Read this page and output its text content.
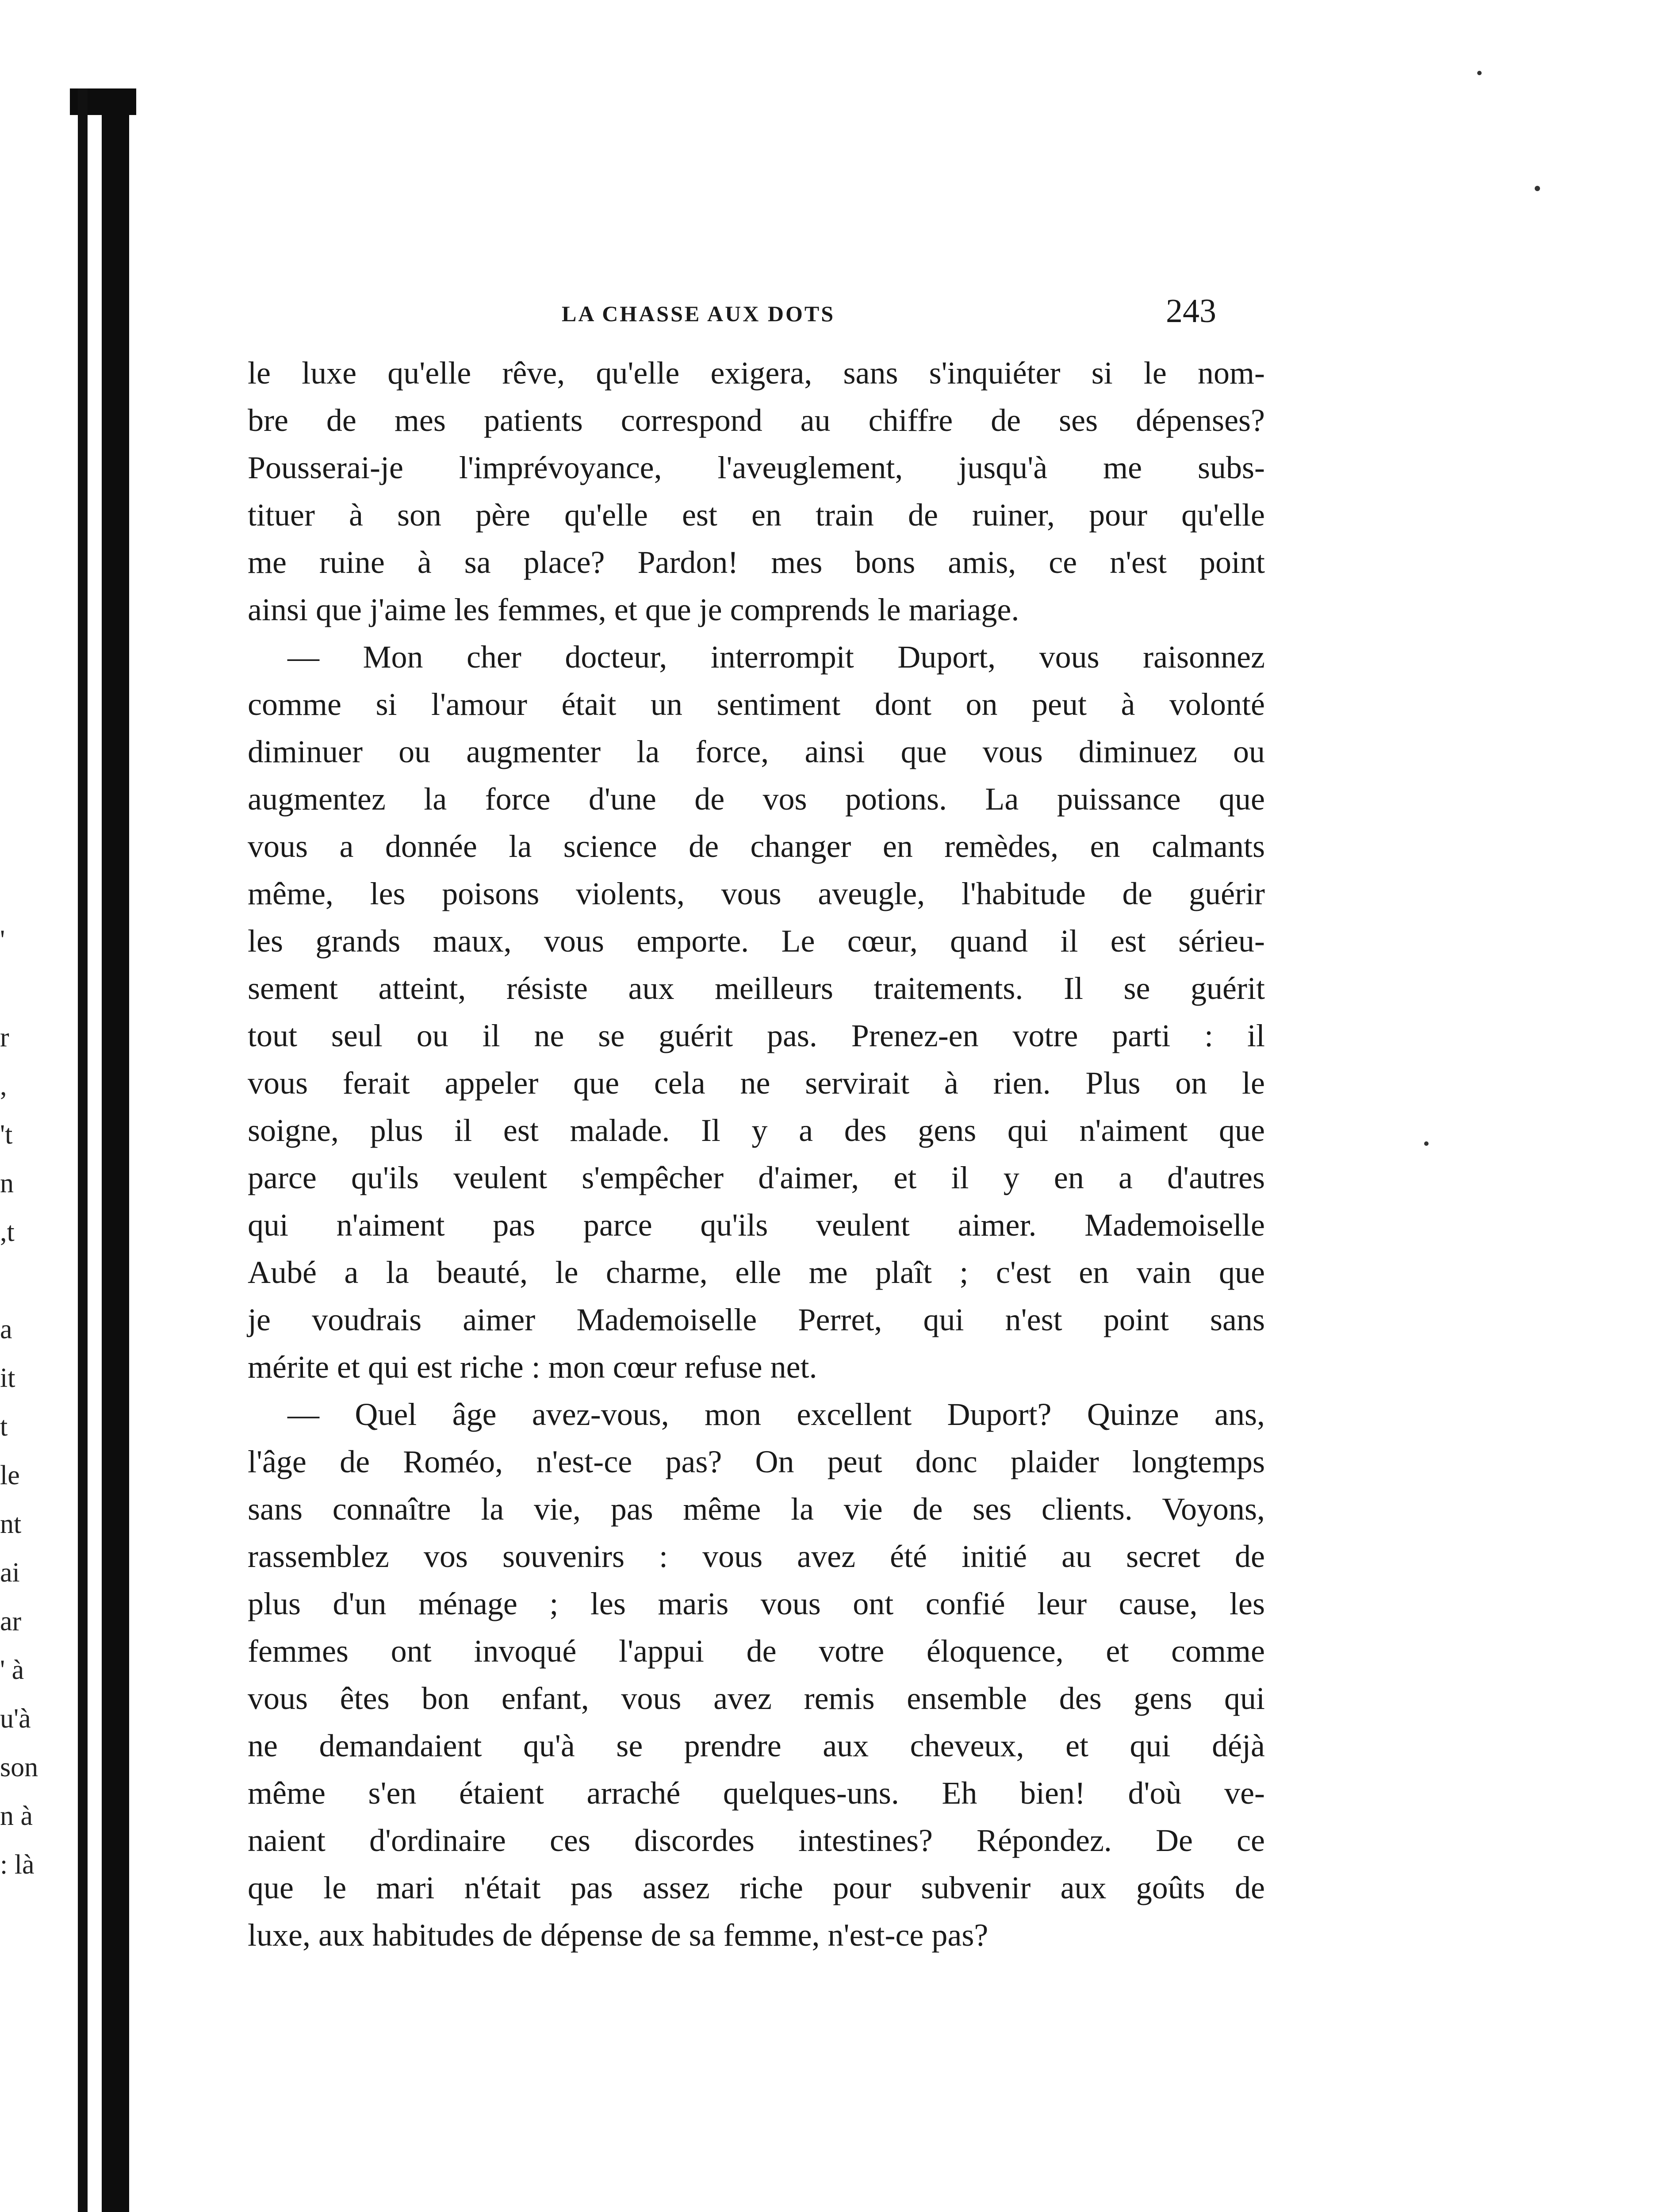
'
r
,
't
n
,t
a
it
t
le
nt
ai
ar
' à
u'à
son
n à
: là
LA CHASSE AUX DOTS	243
le luxe qu'elle rêve, qu'elle exigera, sans s'inquiéter si le nom-
bre de mes patients correspond au chiffre de ses dépenses?
Pousserai-je l'imprévoyance, l'aveuglement, jusqu'à me subs-
tituer à son père qu'elle est en train de ruiner, pour qu'elle
me ruine à sa place? Pardon! mes bons amis, ce n'est point
ainsi que j'aime les femmes, et que je comprends le mariage.
— Mon cher docteur, interrompit Duport, vous raisonnez
comme si l'amour était un sentiment dont on peut à volonté
diminuer ou augmenter la force, ainsi que vous diminuez ou
augmentez la force d'une de vos potions. La puissance que
vous a donnée la science de changer en remèdes, en calmants
même, les poisons violents, vous aveugle, l'habitude de guérir
les grands maux, vous emporte. Le cœur, quand il est sérieu-
sement atteint, résiste aux meilleurs traitements. Il se guérit
tout seul ou il ne se guérit pas. Prenez-en votre parti : il
vous ferait appeler que cela ne servirait à rien. Plus on le
soigne, plus il est malade. Il y a des gens qui n'aiment que
parce qu'ils veulent s'empêcher d'aimer, et il y en a d'autres
qui n'aiment pas parce qu'ils veulent aimer. Mademoiselle
Aubé a la beauté, le charme, elle me plaît ; c'est en vain que
je voudrais aimer Mademoiselle Perret, qui n'est point sans
mérite et qui est riche : mon cœur refuse net.
— Quel âge avez-vous, mon excellent Duport? Quinze ans,
l'âge de Roméo, n'est-ce pas? On peut donc plaider longtemps
sans connaître la vie, pas même la vie de ses clients. Voyons,
rassemblez vos souvenirs : vous avez été initié au secret de
plus d'un ménage ; les maris vous ont confié leur cause, les
femmes ont invoqué l'appui de votre éloquence, et comme
vous êtes bon enfant, vous avez remis ensemble des gens qui
ne demandaient qu'à se prendre aux cheveux, et qui déjà
même s'en étaient arraché quelques-uns. Eh bien! d'où ve-
naient d'ordinaire ces discordes intestines? Répondez. De ce
que le mari n'était pas assez riche pour subvenir aux goûts de
luxe, aux habitudes de dépense de sa femme, n'est-ce pas?
